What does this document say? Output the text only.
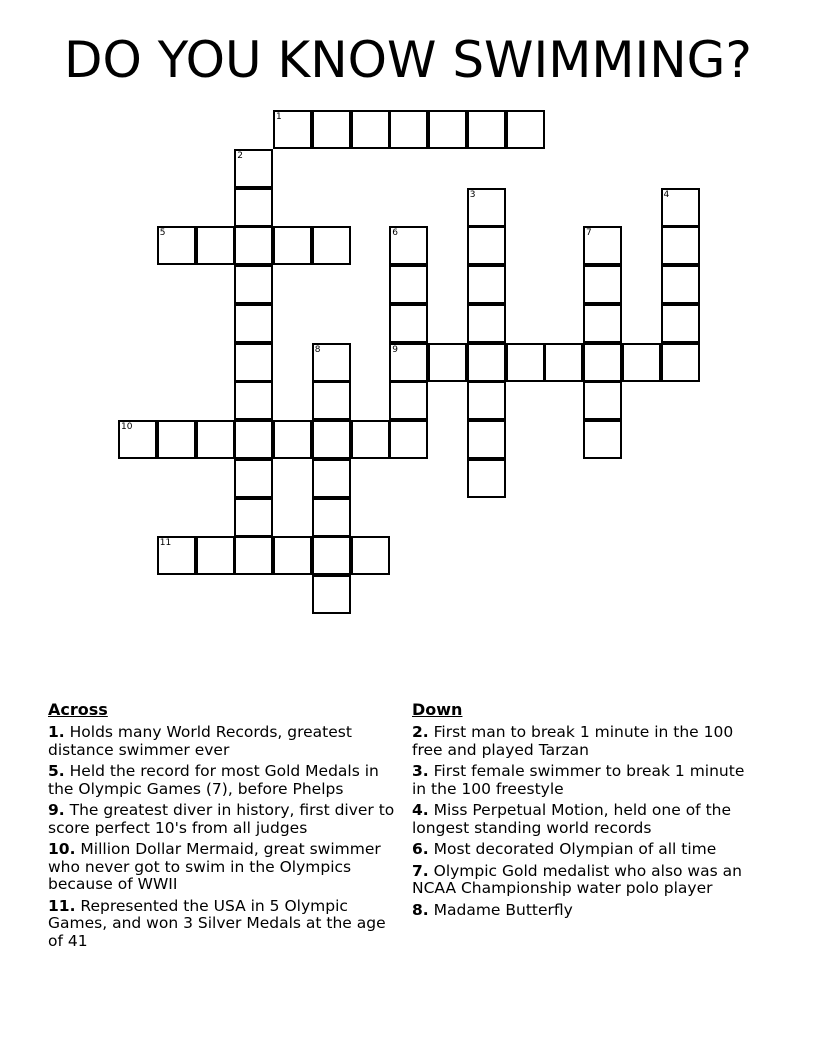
DO YOU KNOW SWIMMING?
1
2
3	4
5	6
9
7
8
10
11
Across
1. Holds many World Records, greatest distance swimmer ever
5. Held the record for most Gold Medals in the Olympic Games (7), before Phelps
9. The greatest diver in history, first diver to score perfect 10's from all judges
10. Million Dollar Mermaid, great swimmer who never got to swim in the Olympics because of WWII
11. Represented the USA in 5 Olympic Games, and won 3 Silver Medals at the age of 41
Down
2. First man to break 1 minute in the 100 free and played Tarzan
3. First female swimmer to break 1 minute in the 100 freestyle
4. Miss Perpetual Motion, held one of the longest standing world records
6. Most decorated Olympian of all time
7. Olympic Gold medalist who also was an NCAA Championship water polo player
8. Madame Butterfly
